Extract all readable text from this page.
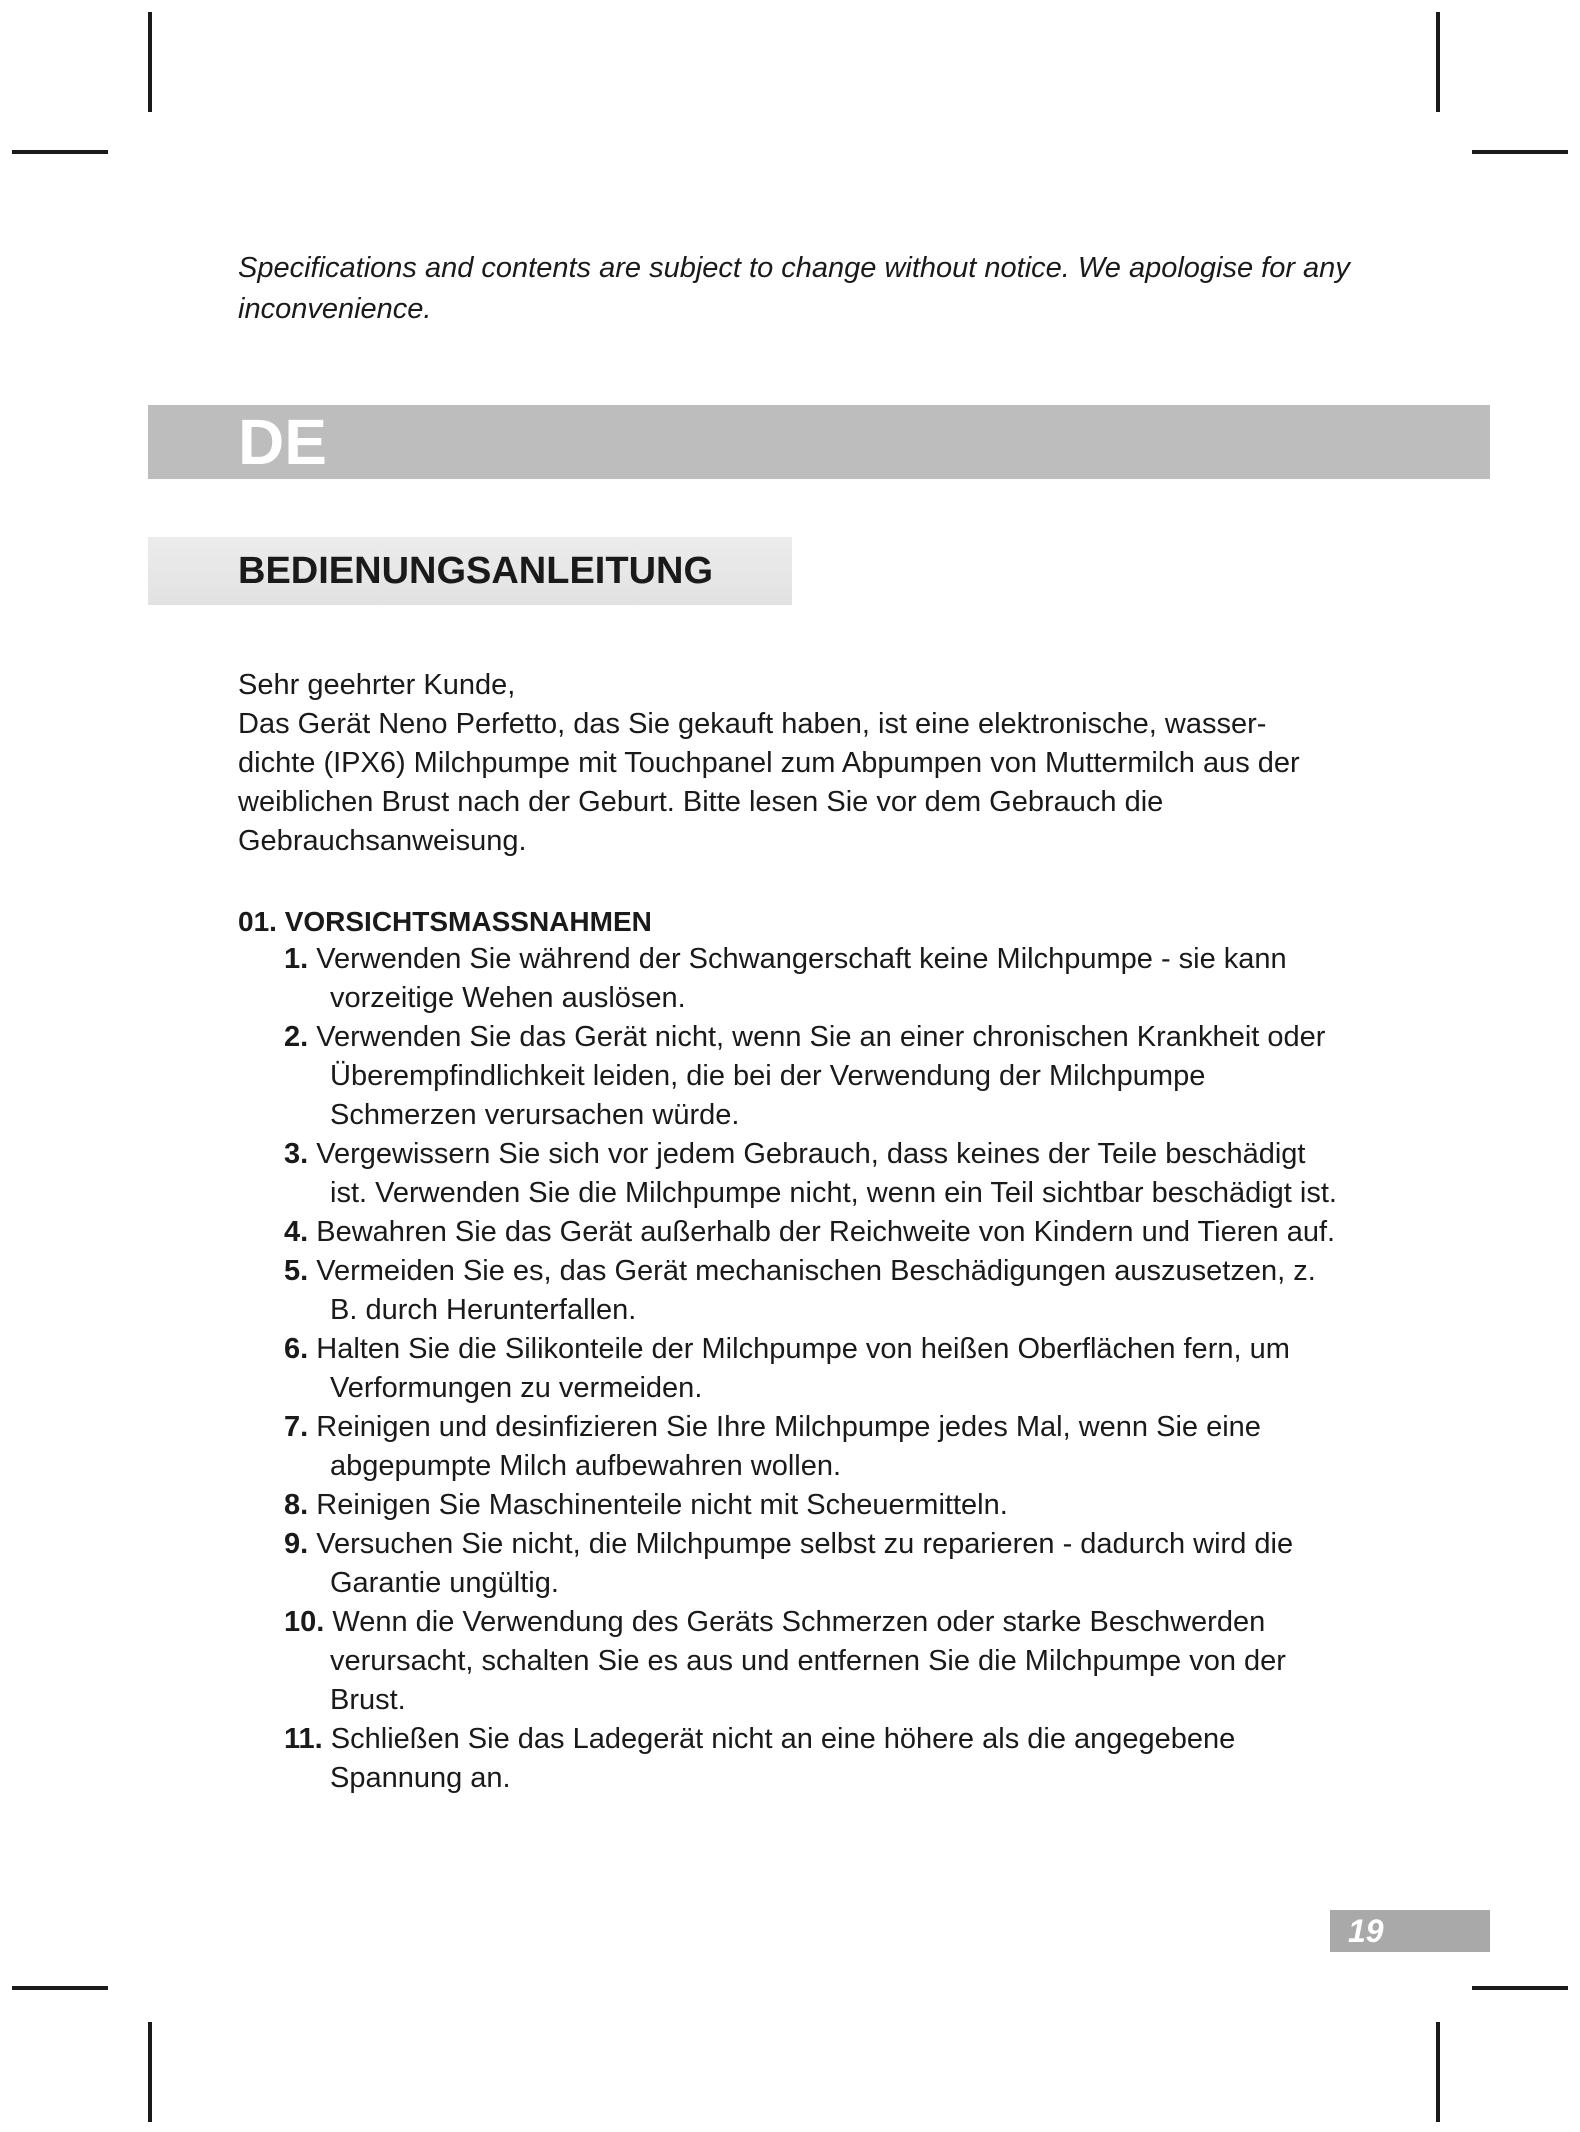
Specifications and contents are subject to change without notice. We apologise for any inconvenience.
DE
BEDIENUNGSANLEITUNG

Sehr geehrter Kunde,

Das Gerät Neno Perfetto, das Sie gekauft haben, ist eine elektronische, wasser-dichte (IPX6) Milchpumpe mit Touchpanel zum Abpumpen von Muttermilch aus der weiblichen Brust nach der Geburt. Bitte lesen Sie vor dem Gebrauch die Gebrauchsanweisung.

01. VORSICHTSMASSNAHMEN
1. Verwenden Sie während der Schwangerschaft keine Milchpumpe - sie kann vorzeitige Wehen auslösen.
2. Verwenden Sie das Gerät nicht, wenn Sie an einer chronischen Krankheit oder Überempfindlichkeit leiden, die bei der Verwendung der Milchpumpe Schmerzen verursachen würde.
3. Vergewissern Sie sich vor jedem Gebrauch, dass keines der Teile beschädigt ist. Verwenden Sie die Milchpumpe nicht, wenn ein Teil sichtbar beschädigt ist.
4. Bewahren Sie das Gerät außerhalb der Reichweite von Kindern und Tieren auf.
5. Vermeiden Sie es, das Gerät mechanischen Beschädigungen auszusetzen, z. B. durch Herunterfallen.
6. Halten Sie die Silikonteile der Milchpumpe von heißen Oberflächen fern, um Verformungen zu vermeiden.
7. Reinigen und desinfizieren Sie Ihre Milchpumpe jedes Mal, wenn Sie eine abgepumpte Milch aufbewahren wollen.
8. Reinigen Sie Maschinenteile nicht mit Scheuermitteln.
9. Versuchen Sie nicht, die Milchpumpe selbst zu reparieren - dadurch wird die Garantie ungültig.
10. Wenn die Verwendung des Geräts Schmerzen oder starke Beschwerden verursacht, schalten Sie es aus und entfernen Sie die Milchpumpe von der Brust.
11. Schließen Sie das Ladegerät nicht an eine höhere als die angegebene Spannung an.
19
